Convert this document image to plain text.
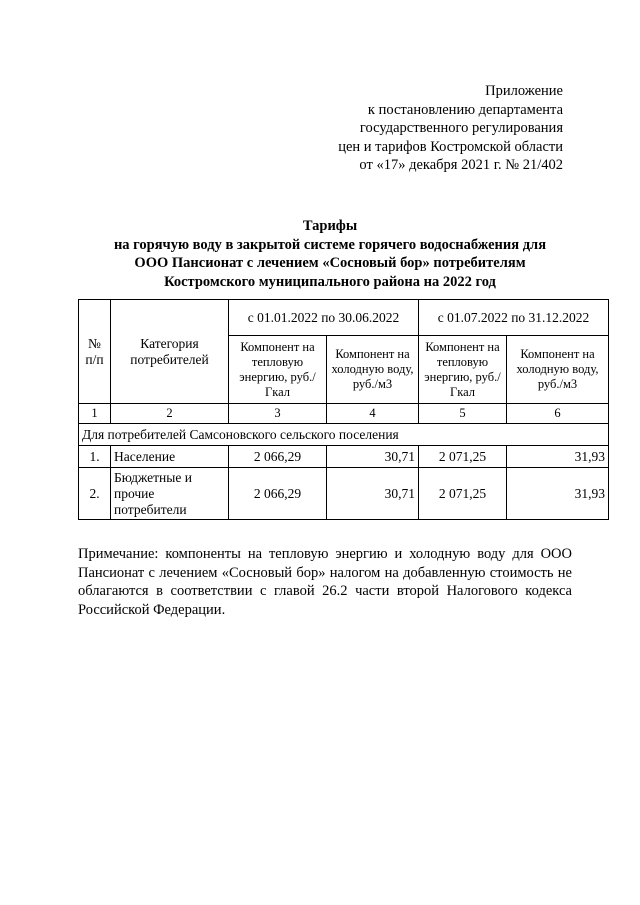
Приложение
к постановлению департамента
государственного регулирования
цен и тарифов Костромской области
от «17» декабря 2021 г. № 21/402
Тарифы
на горячую воду в закрытой системе горячего водоснабжения для
ООО Пансионат с лечением «Сосновый бор» потребителям
Костромского муниципального района на 2022 год
№ п/п	Категория потребителей	с 01.01.2022 по 30.06.2022		с 01.07.2022 по 31.12.2022	
		Компонент на тепловую энергию, руб./Гкал	Компонент на холодную воду, руб./м3	Компонент на тепловую энергию, руб./Гкал	Компонент на холодную воду, руб./м3
1	2	3	4	5	6
Для потребителей Самсоновского сельского поселения					
1.	Население	2 066,29	30,71	2 071,25	31,93
2.	Бюджетные и прочие потребители	2 066,29	30,71	2 071,25	31,93
Примечание: компоненты на тепловую энергию и холодную воду для ООО Пансионат с лечением «Сосновый бор» налогом на добавленную стоимость не облагаются в соответствии с главой 26.2 части второй Налогового кодекса Российской Федерации.
